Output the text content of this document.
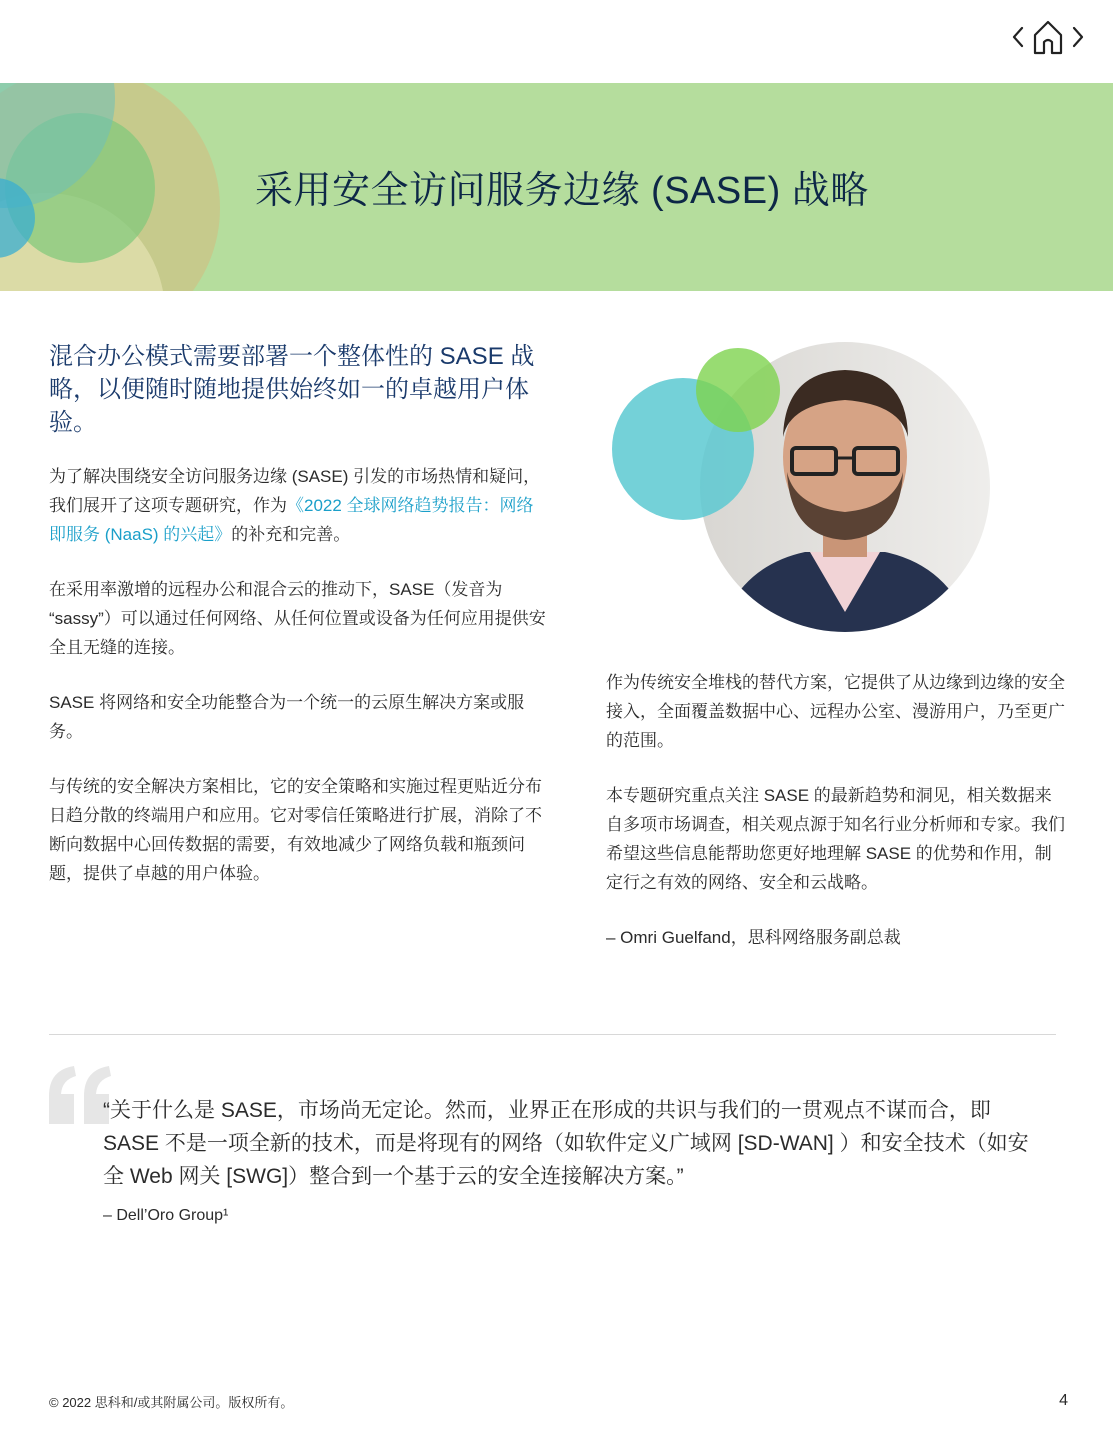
采用安全访问服务边缘 (SASE) 战略
混合办公模式需要部署一个整体性的 SASE 战略，以便随时随地提供始终如一的卓越用户体验。

为了解决围绕安全访问服务边缘 (SASE) 引发的市场热情和疑问，我们展开了这项专题研究，作为《2022 全球网络趋势报告：网络即服务 (NaaS) 的兴起》的补充和完善。

在采用率激增的远程办公和混合云的推动下，SASE（发音为 “sassy”）可以通过任何网络、从任何位置或设备为任何应用提供安全且无缝的连接。

SASE 将网络和安全功能整合为一个统一的云原生解决方案或服务。

与传统的安全解决方案相比，它的安全策略和实施过程更贴近分布日趋分散的终端用户和应用。它对零信任策略进行扩展，消除了不断向数据中心回传数据的需要，有效地减少了网络负载和瓶颈问题，提供了卓越的用户体验。

作为传统安全堆栈的替代方案，它提供了从边缘到边缘的安全接入，全面覆盖数据中心、远程办公室、漫游用户，乃至更广的范围。

本专题研究重点关注 SASE 的最新趋势和洞见，相关数据来自多项市场调查，相关观点源于知名行业分析师和专家。我们希望这些信息能帮助您更好地理解 SASE 的优势和作用，制定行之有效的网络、安全和云战略。

– Omri Guelfand，思科网络服务副总裁

“关于什么是 SASE，市场尚无定论。然而，业界正在形成的共识与我们的一贯观点不谋而合，即 SASE 不是一项全新的技术，而是将现有的网络（如软件定义广域网 [SD-WAN] ）和安全技术（如安全 Web 网关 [SWG]）整合到一个基于云的安全连接解决方案。”

– Dell’Oro Group¹
© 2022 思科和/或其附属公司。版权所有。	4
